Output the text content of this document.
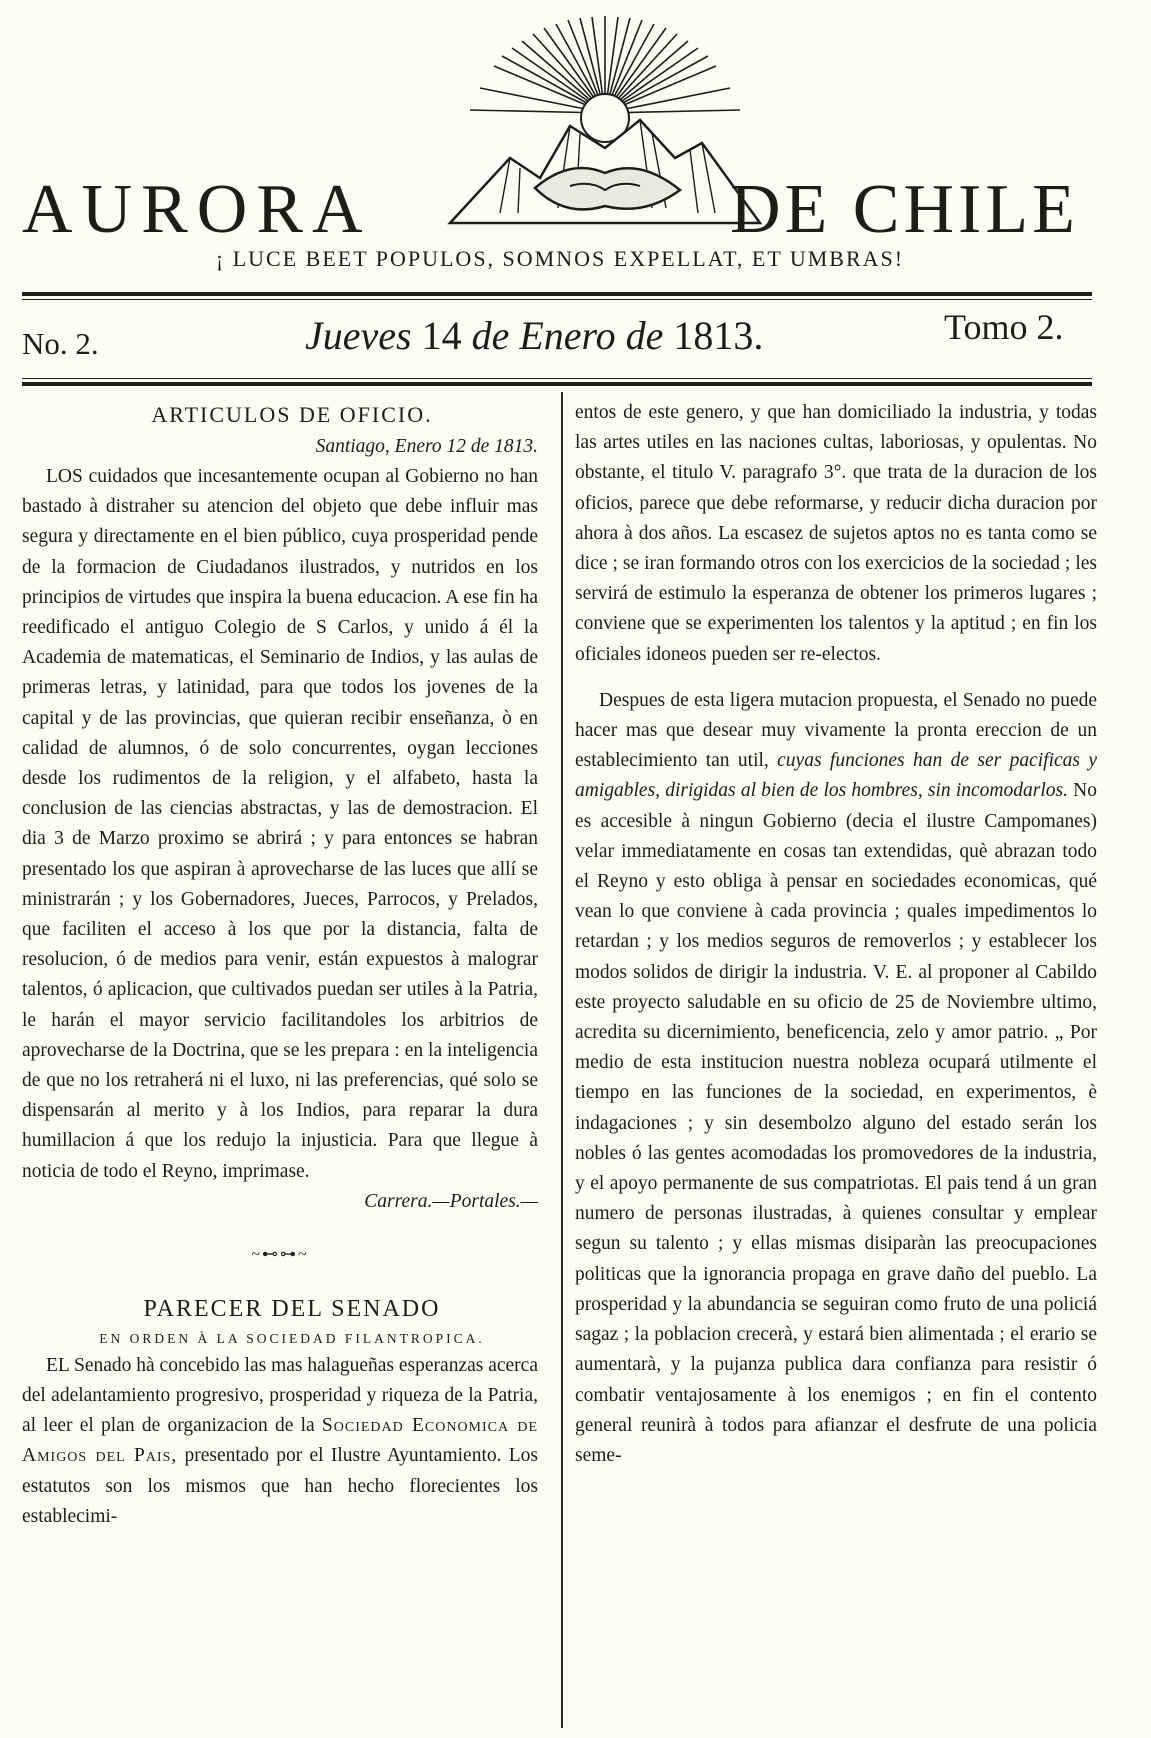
AURORA	DE CHILE
¡ LUCE BEET POPULOS, SOMNOS EXPELLAT, ET UMBRAS!
No. 2.	Jueves 14 de Enero de 1813.	Tomo 2.

ARTICULOS DE OFICIO.

Santiago, Enero 12 de 1813.

LOS cuidados que incesantemente ocupan al Gobierno no han bastado à distraher su atencion del objeto que debe influir mas segura y directamente en el bien público, cuya prosperidad pende de la formacion de Ciudadanos ilustrados, y nutridos en los principios de virtudes que inspira la buena educacion. A ese fin ha reedificado el antiguo Colegio de S Carlos, y unido á él la Academia de matematicas, el Seminario de Indios, y las aulas de primeras letras, y latinidad, para que todos los jovenes de la capital y de las provincias, que quieran recibir enseñanza, ò en calidad de alumnos, ó de solo concurrentes, oygan lecciones desde los rudimentos de la religion, y el alfabeto, hasta la conclusion de las ciencias abstractas, y las de demostracion. El dia 3 de Marzo proximo se abrirá ; y para entonces se habran presentado los que aspiran à aprovecharse de las luces que allí se ministrarán ; y los Gobernadores, Jueces, Parrocos, y Prelados, que faciliten el acceso à los que por la distancia, falta de resolucion, ó de medios para venir, están expuestos à malograr talentos, ó aplicacion, que cultivados puedan ser utiles à la Patria, le harán el mayor servicio facilitandoles los arbitrios de aprovecharse de la Doctrina, que se les prepara : en la inteligencia de que no los retraherá ni el luxo, ni las preferencias, qué solo se dispensarán al merito y à los Indios, para reparar la dura humillacion á que los redujo la injusticia. Para que llegue à noticia de todo el Reyno, imprimase.

Carrera.—Portales.—

~⊷⊶~

PARECER DEL SENADO

EN ORDEN À LA SOCIEDAD FILANTROPICA.

EL Senado hà concebido las mas halagueñas esperanzas acerca del adelantamiento progresivo, prosperidad y riqueza de la Patria, al leer el plan de organizacion de la Sociedad Economica de Amigos del Pais, presentado por el Ilustre Ayuntamiento. Los estatutos son los mismos que han hecho florecientes los establecimi-

entos de este genero, y que han domiciliado la industria, y todas las artes utiles en las naciones cultas, laboriosas, y opulentas. No obstante, el titulo V. paragrafo 3°. que trata de la duracion de los oficios, parece que debe reformarse, y reducir dicha duracion por ahora à dos años. La escasez de sujetos aptos no es tanta como se dice ; se iran formando otros con los exercicios de la sociedad ; les servirá de estimulo la esperanza de obtener los primeros lugares ; conviene que se experimenten los talentos y la aptitud ; en fin los oficiales idoneos pueden ser re-electos.

Despues de esta ligera mutacion propuesta, el Senado no puede hacer mas que desear muy vivamente la pronta ereccion de un establecimiento tan util, cuyas funciones han de ser pacificas y amigables, dirigidas al bien de los hombres, sin incomodarlos. No es accesible à ningun Gobierno (decia el ilustre Campomanes) velar immediatamente en cosas tan extendidas, què abrazan todo el Reyno y esto obliga à pensar en sociedades economicas, qué vean lo que conviene à cada provincia ; quales impedimentos lo retardan ; y los medios seguros de removerlos ; y establecer los modos solidos de dirigir la industria. V. E. al proponer al Cabildo este proyecto saludable en su oficio de 25 de Noviembre ultimo, acredita su dicernimiento, beneficencia, zelo y amor patrio. „ Por medio de esta institucion nuestra nobleza ocupará utilmente el tiempo en las funciones de la sociedad, en experimentos, è indagaciones ; y sin desembolzo alguno del estado serán los nobles ó las gentes acomodadas los promovedores de la industria, y el apoyo permanente de sus compatriotas. El pais tend á un gran numero de personas ilustradas, à quienes consultar y emplear segun su talento ; y ellas mismas disiparàn las preocupaciones politicas que la ignorancia propaga en grave daño del pueblo. La prosperidad y la abundancia se seguiran como fruto de una policiá sagaz ; la poblacion crecerà, y estará bien alimentada ; el erario se aumentarà, y la pujanza publica dara confianza para resistir ó combatir ventajosamente à los enemigos ; en fin el contento general reunirà à todos para afianzar el desfrute de una policia seme-
